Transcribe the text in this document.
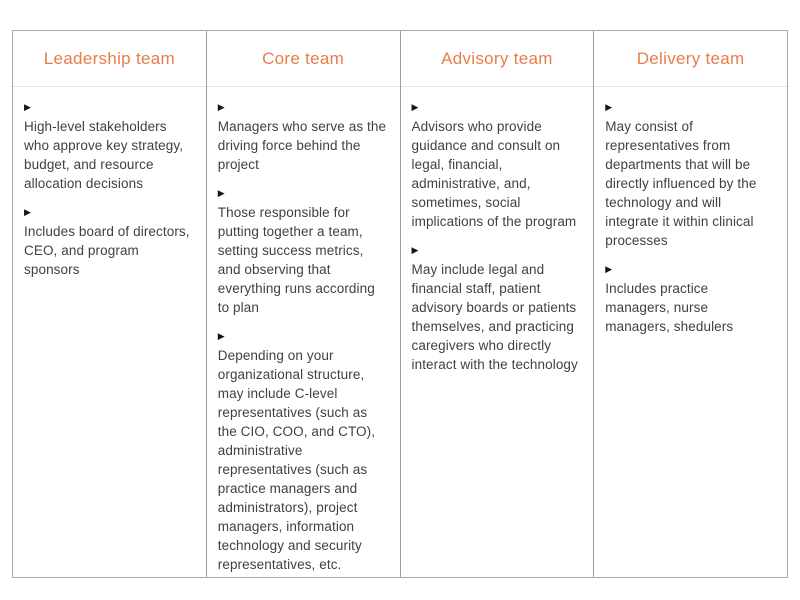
Leadership team
▶
High-level stakeholders who approve key strategy, budget, and resource allocation decisions
▶
Includes board of directors, CEO, and program sponsors
Core team
▶
Managers who serve as the driving force behind the project
▶
Those responsible for putting together a team, setting success metrics, and observing that everything runs according to plan
▶
Depending on your organizational structure, may include C-level representatives (such as the CIO, COO, and CTO), administrative representatives (such as practice managers and administrators), project managers, information technology and security representatives, etc.
Advisory team
▶
Advisors who provide guidance and consult on legal, financial, administrative, and, sometimes, social implications of the program
▶
May include legal and financial staff, patient advisory boards or patients themselves, and practicing caregivers who directly interact with the technology
Delivery team
▶
May consist of representatives from departments that will be directly influenced by the technology and will integrate it within clinical processes
▶
Includes practice managers, nurse managers, shedulers
